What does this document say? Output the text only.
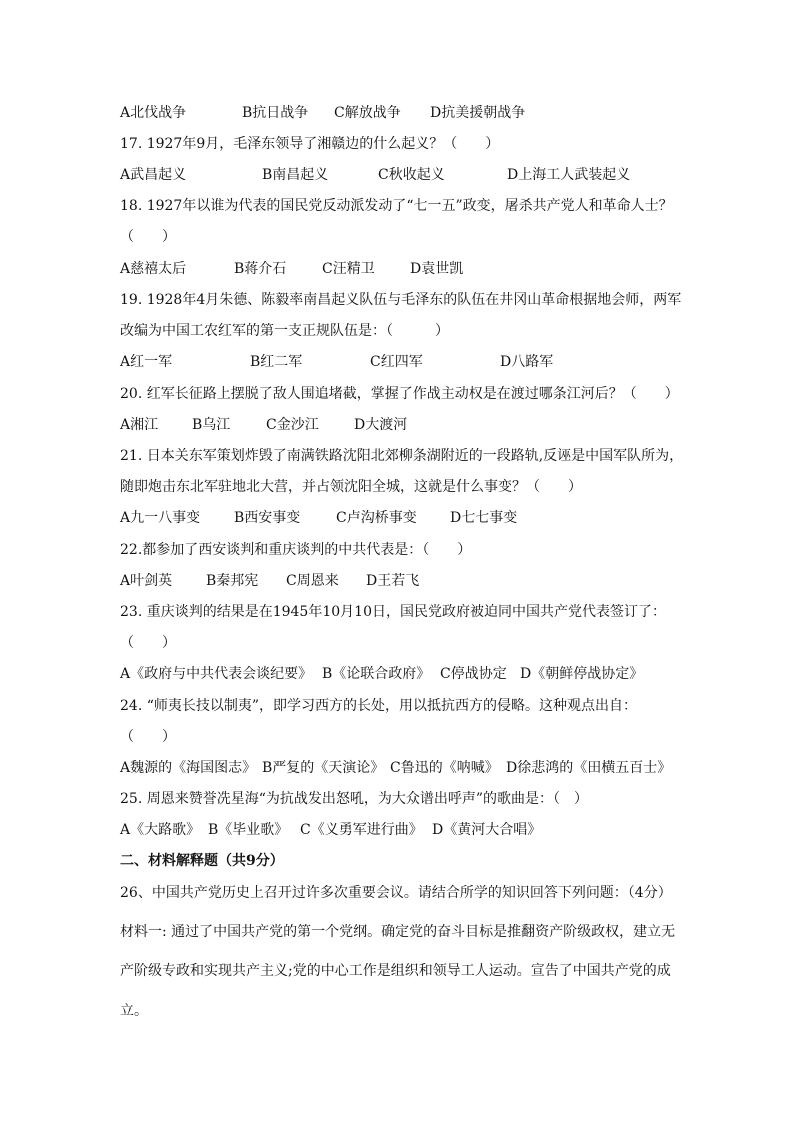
A北伐战争	B抗日战争 C解放战争 D抗美援朝战争
17. 1927年9月，毛泽东领导了湘赣边的什么起义？（　　）
A武昌起义	B南昌起义	C秋收起义	D上海工人武装起义
18. 1927年以谁为代表的国民党反动派发动了“七一五”政变，屠杀共产党人和革命人士？
（　　）
A慈禧太后	B蒋介石	C汪精卫	D袁世凯
19. 1928年4月朱德、陈毅率南昌起义队伍与毛泽东的队伍在井冈山革命根据地会师，两军
改编为中国工农红军的第一支正规队伍是：（　　　）
A红一军	B红二军	C红四军	D八路军
20. 红军长征路上摆脱了敌人围追堵截，掌握了作战主动权是在渡过哪条江河后？（　　）
A湘江 B乌江	C金沙江	D大渡河
21. 日本关东军策划炸毁了南满铁路沈阳北郊柳条湖附近的一段路轨,反诬是中国军队所为，
随即炮击东北军驻地北大营，并占领沈阳全城，这就是什么事变？（　　）
A九一八事变 B西安事变	C卢沟桥事变 D七七事变
22.都参加了西安谈判和重庆谈判的中共代表是：（　　）
A叶剑英 B秦邦宪 C周恩来 D王若飞
23. 重庆谈判的结果是在1945年10月10日，国民党政府被迫同中国共产党代表签订了：
（　　）
A《政府与中共代表会谈纪要》 B《论联合政府》 C停战协定 D《朝鲜停战协定》
24. “师夷长技以制夷”，即学习西方的长处，用以抵抗西方的侵略。这种观点出自：
（　　）
A魏源的《海国图志》 B严复的《天演论》 C鲁迅的《呐喊》 D徐悲鸿的《田横五百士》
25. 周恩来赞誉冼星海“为抗战发出怒吼，为大众谱出呼声”的歌曲是：（　）
A《大路歌》 B《毕业歌》 C《义勇军进行曲》 D《黄河大合唱》
二、材料解释题（共9分）
26、中国共产党历史上召开过许多次重要会议。请结合所学的知识回答下列问题：（4分）
材料一: 通过了中国共产党的第一个党纲。确定党的奋斗目标是推翻资产阶级政权，建立无
产阶级专政和实现共产主义;党的中心工作是组织和领导工人运动。宣告了中国共产党的成
立。
